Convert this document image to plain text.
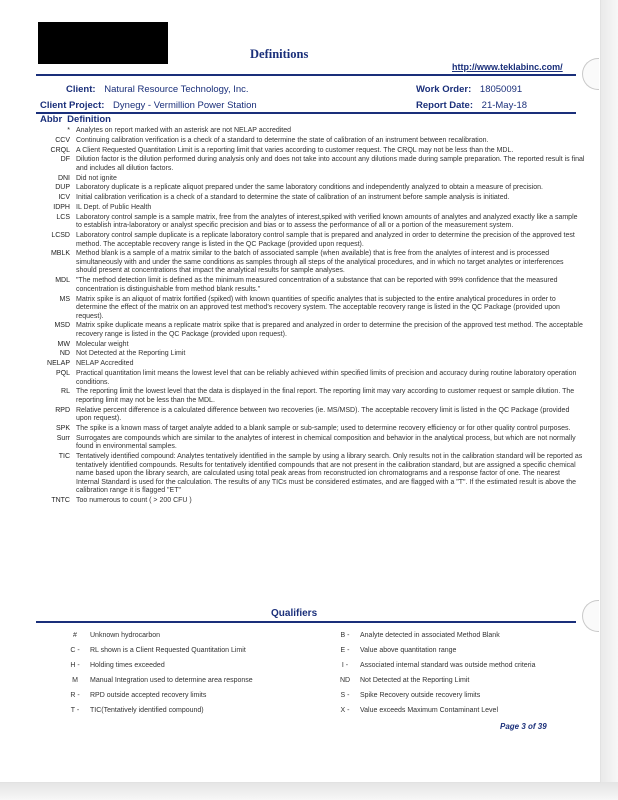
Definitions
http://www.teklabinc.com/
Client: Natural Resource Technology, Inc.	Work Order: 18050091
Client Project: Dynegy - Vermillion Power Station	Report Date: 21-May-18
Abbr Definition
* Analytes on report marked with an asterisk are not NELAP accredited
CCV Continuing calibration verification is a check of a standard to determine the state of calibration of an instrument between recalibration.
CRQL A Client Requested Quantitation Limit is a reporting limit that varies according to customer request. The CRQL may not be less than the MDL.
DF Dilution factor is the dilution performed during analysis only and does not take into account any dilutions made during sample preparation. The reported result is final and includes all dilution factors.
DNI Did not ignite
DUP Laboratory duplicate is a replicate aliquot prepared under the same laboratory conditions and independently analyzed to obtain a measure of precision.
ICV Initial calibration verification is a check of a standard to determine the state of calibration of an instrument before sample analysis is initiated.
IDPH IL Dept. of Public Health
LCS Laboratory control sample is a sample matrix, free from the analytes of interest,spiked with verified known amounts of analytes and analyzed exactly like a sample to establish intra-laboratory or analyst specific precision and bias or to assess the performance of all or a portion of the measurement system.
LCSD Laboratory control sample duplicate is a replicate laboratory control sample that is prepared and analyzed in order to determine the precision of the approved test method. The acceptable recovery range is listed in the QC Package (provided upon request).
MBLK Method blank is a sample of a matrix similar to the batch of associated sample (when available) that is free from the analytes of interest and is processed simultaneously with and under the same conditions as samples through all steps of the analytical procedures, and in which no target analytes or interferences should present at concentrations that impact the analytical results for sample analyses.
MDL "The method detection limit is defined as the minimum measured concentration of a substance that can be reported with 99% confidence that the measured concentration is distinguishable from method blank results."
MS Matrix spike is an aliquot of matrix fortified (spiked) with known quantities of specific analytes that is subjected to the entire analytical procedures in order to determine the effect of the matrix on an approved test method's recovery system. The acceptable recovery range is listed in the QC Package (provided upon request).
MSD Matrix spike duplicate means a replicate matrix spike that is prepared and analyzed in order to determine the precision of the approved test method. The acceptable recovery range is listed in the QC Package (provided upon request).
MW Molecular weight
ND Not Detected at the Reporting Limit
NELAP NELAP Accredited
PQL Practical quantitation limit means the lowest level that can be reliably achieved within specified limits of precision and accuracy during routine laboratory operation conditions.
RL The reporting limit the lowest level that the data is displayed in the final report. The reporting limit may vary according to customer request or sample dilution. The reporting limit may not be less than the MDL.
RPD Relative percent difference is a calculated difference between two recoveries (ie. MS/MSD). The acceptable recovery limit is listed in the QC Package (provided upon request).
SPK The spike is a known mass of target analyte added to a blank sample or sub-sample; used to determine recovery efficiency or for other quality control purposes.
Surr Surrogates are compounds which are similar to the analytes of interest in chemical composition and behavior in the analytical process, but which are not normally found in environmental samples.
TIC Tentatively identified compound: Analytes tentatively identified in the sample by using a library search. Only results not in the calibration standard will be reported as tentatively identified compounds. Results for tentatively identified compounds that are not present in the calibration standard, but are assigned a specific chemical name based upon the library search, are calculated using total peak areas from reconstructed ion chromatograms and a response factor of one. The nearest Internal Standard is used for the calculation. The results of any TICs must be considered estimates, and are flagged with a "T". If the estimated result is above the calibration range it is flagged "ET"
TNTC Too numerous to count ( > 200 CFU )
Qualifiers
#	Unknown hydrocarbon	B -	Analyte detected in associated Method Blank
C -	RL shown is a Client Requested Quantitation Limit	E -	Value above quantitation range
H -	Holding times exceeded	I -	Associated internal standard was outside method criteria
M	Manual Integration used to determine area response	ND	Not Detected at the Reporting Limit
R -	RPD outside accepted recovery limits	S -	Spike Recovery outside recovery limits
T -	TIC(Tentatively identified compound)	X -	Value exceeds Maximum Contaminant Level
Page 3 of 39
